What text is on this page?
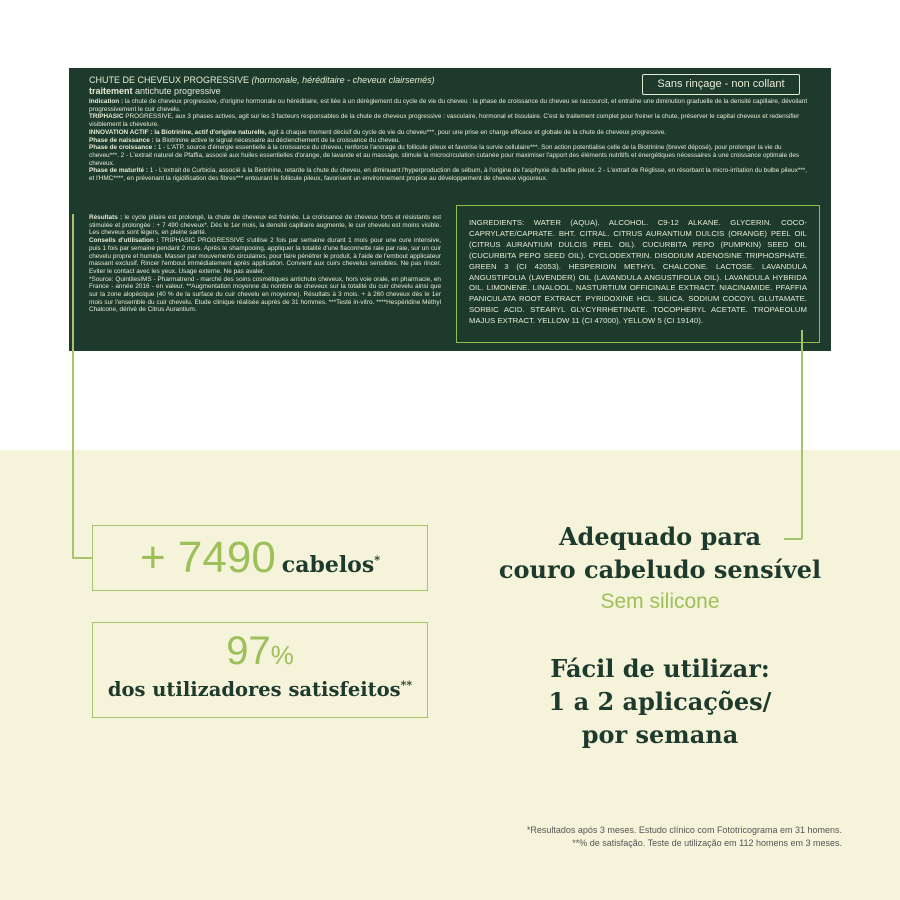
CHUTE DE CHEVEUX PROGRESSIVE (hormonale, héréditaire - cheveux clairsemés)

traitement antichute progressive

Sans rinçage - non collant

Indication : la chute de cheveux progressive, d'origine hormonale ou héréditaire, est liée à un dérèglement du cycle de vie du cheveu : la phase de croissance du cheveu se raccourcit, et entraîne une diminution graduelle de la densité capillaire, dévoilant progressivement le cuir chevelu.
TRIPHASIC PROGRESSIVE, aux 3 phases actives, agit sur les 3 facteurs responsables de la chute de cheveux progressive : vasculaire, hormonal et tissulaire. C'est le traitement complet pour freiner la chute, préserver le capital cheveux et redensifier visiblement la chevelure.
INNOVATION ACTIF : la Biotrinine, actif d'origine naturelle, agit à chaque moment décisif du cycle de vie du cheveu***, pour une prise en charge efficace et globale de la chute de cheveux progressive.
Phase de naissance : la Biotrinine active le signal nécessaire au déclenchement de la croissance du cheveu.
Phase de croissance : 1 - L'ATP, source d'énergie essentielle à la croissance du cheveu, renforce l'ancrage du follicule pileux et favorise la survie cellulaire***. Son action potentialise celle de la Biotrinine (brevet déposé), pour prolonger la vie du cheveu***. 2 - L'extrait naturel de Pfaffia, associé aux huiles essentielles d'orange, de lavande et au massage, stimule la microcirculation cutanée pour maximiser l'apport des éléments nutritifs et énergétiques nécessaires à une croissance optimale des cheveux.
Phase de maturité : 1 - L'extrait de Curbicia, associé à la Biotrinine, retarde la chute du cheveu, en diminuant l'hyperproduction de sébum, à l'origine de l'asphyxie du bulbe pileux. 2 - L'extrait de Réglisse, en résorbant la micro-irritation du bulbe pileux***, et l'HMC****, en prévenant la rigidification des fibres*** entourant le follicule pileux, favorisent un environnement propice au développement de cheveux vigoureux.

Résultats : le cycle pilaire est prolongé, la chute de cheveux est freinée. La croissance de cheveux forts et résistants est stimulée et prolongée : + 7 490 cheveux*. Dès le 1er mois, la densité capillaire augmente, le cuir chevelu est moins visible. Les cheveux sont légers, en pleine santé.
Conseils d'utilisation : TRIPHASIC PROGRESSIVE s'utilise 2 fois par semaine durant 1 mois pour une cure intensive, puis 1 fois par semaine pendant 2 mois. Après le shampooing, appliquer la totalité d'une flaconnette raie par raie, sur un cuir chevelu propre et humide. Masser par mouvements circulaires, pour faire pénétrer le produit, à l'aide de l'embout applicateur massant exclusif. Rincer l'embout immédiatement après application. Convient aux cuirs chevelus sensibles. Ne pas rincer. Eviter le contact avec les yeux. Usage externe. Ne pas avaler.
*Source: QuintilesIMS - Pharmatrend - marché des soins cosmétiques antichute cheveux, hors voie orale, en pharmacie, en France - année 2016 - en valeur. **Augmentation moyenne du nombre de cheveux sur la totalité du cuir chevelu ainsi que sur la zone alopécique (40 % de la surface du cuir chevelu en moyenne). Résultats à 3 mois. + à 260 cheveux dès le 1er mois sur l'ensemble du cuir chevelu. Etude clinique réalisée auprès de 31 hommes. ***Testé in-vitro. ****Hespéridine Méthyl Chalcone, dérivé de Citrus Aurantium.

INGREDIENTS: WATER (AQUA). ALCOHOL. C9-12 ALKANE. GLYCERIN. COCO-CAPRYLATE/CAPRATE. BHT. CITRAL. CITRUS AURANTIUM DULCIS (ORANGE) PEEL OIL (CITRUS AURANTIUM DULCIS PEEL OIL). CUCURBITA PEPO (PUMPKIN) SEED OIL (CUCURBITA PEPO SEED OIL). CYCLODEXTRIN. DISODIUM ADENOSINE TRIPHOSPHATE. GREEN 3 (CI 42053). HESPERIDIN METHYL CHALCONE. LACTOSE. LAVANDULA ANGUSTIFOLIA (LAVENDER) OIL (LAVANDULA ANGUSTIFOLIA OIL). LAVANDULA HYBRIDA OIL. LIMONENE. LINALOOL. NASTURTIUM OFFICINALE EXTRACT. NIACINAMIDE. PFAFFIA PANICULATA ROOT EXTRACT. PYRIDOXINE HCL. SILICA. SODIUM COCOYL GLUTAMATE. SORBIC ACID. STEARYL GLYCYRRHETINATE. TOCOPHERYL ACETATE. TROPAEOLUM MAJUS EXTRACT. YELLOW 11 (CI 47000). YELLOW 5 (CI 19140).
+ 7490 cabelos*
97%
dos utilizadores satisfeitos**
Adequado para
couro cabeludo sensível
Sem silicone
Fácil de utilizar:
1 a 2 aplicações/
por semana
*Resultados após 3 meses. Estudo clínico com Fototricograma em 31 homens.
**% de satisfação. Teste de utilização em 112 homens em 3 meses.
